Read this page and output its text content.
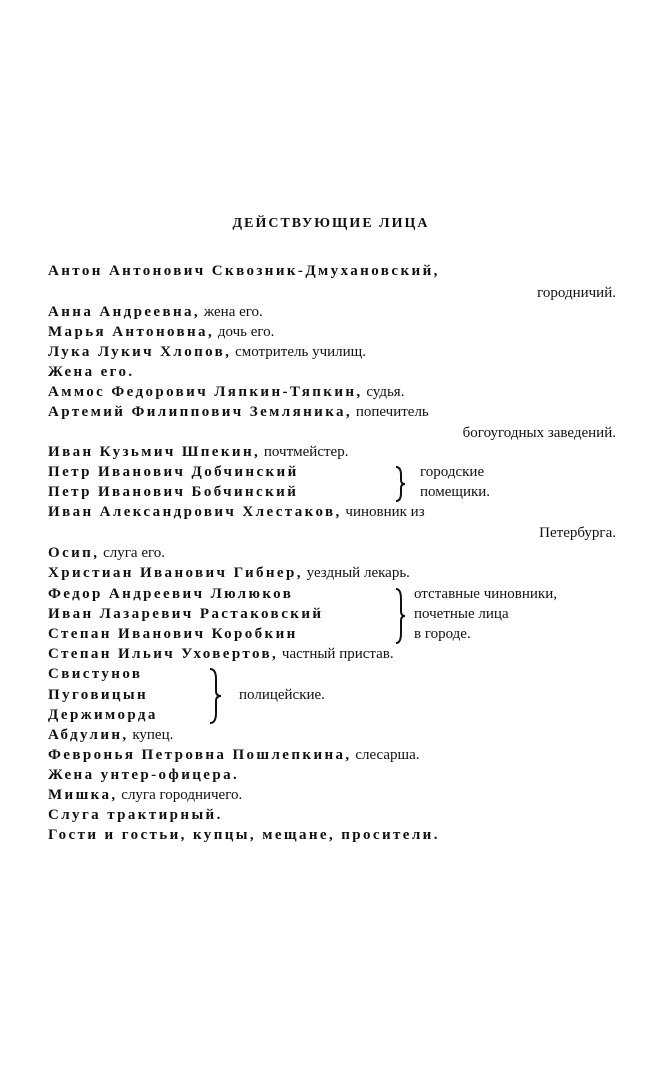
ДЕЙСТВУЮЩИЕ ЛИЦА
Антон Антонович Сквозник-Дмухановский,
городничий.
Анна Андреевна, жена его.
Марья Антоновна, дочь его.
Лука Лукич Хлопов, смотритель училищ.
Жена его.
Аммос Федорович Ляпкин-Тяпкин, судья.
Артемий Филиппович Земляника, попечитель
богоугодных заведений.
Иван Кузьмич Шпекин, почтмейстер.
Петр Иванович Добчинский
Петр Иванович Бобчинский
городские
помещики.
Иван Александрович Хлестаков, чиновник из
Петербурга.
Осип, слуга его.
Христиан Иванович Гибнер, уездный лекарь.
Федор Андреевич Люлюков
Иван Лазаревич Растаковский
Степан Иванович Коробкин
отставные чиновники,
почетные лица
в городе.
Степан Ильич Уховертов, частный пристав.
Свистунов
Пуговицын
Держиморда
полицейские.
Абдулин, купец.
Февронья Петровна Пошлепкина, слесарша.
Жена унтер-офицера.
Мишка, слуга городничего.
Слуга трактирный.
Гости и гостьи, купцы, мещане, просители.
